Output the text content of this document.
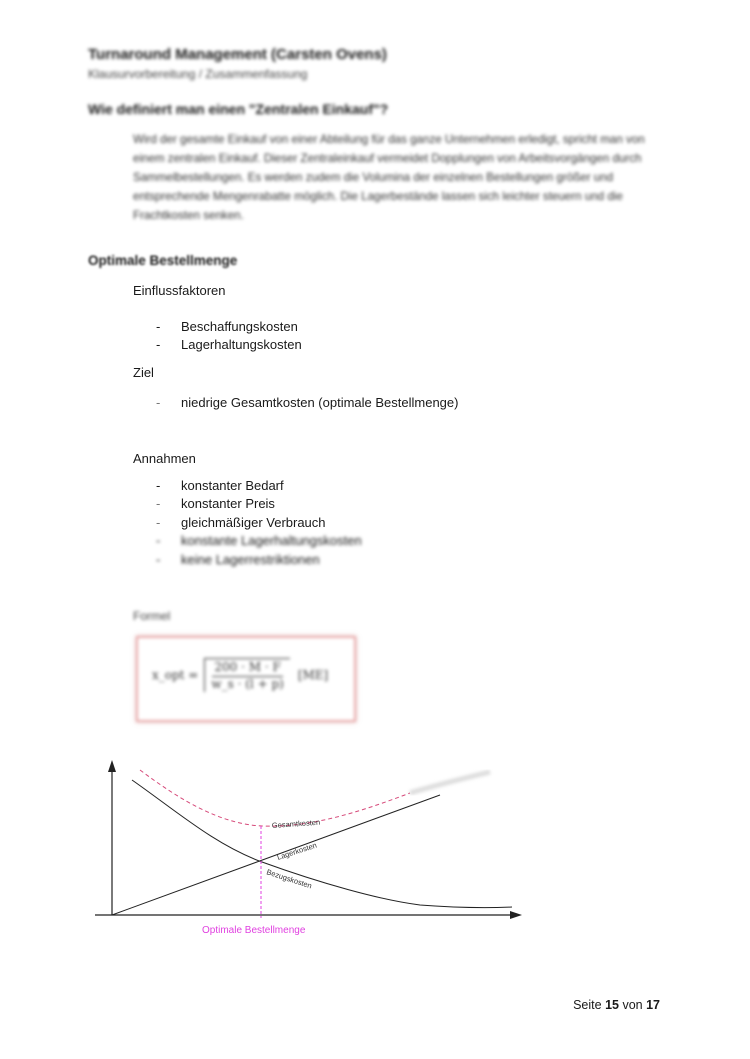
Turnaround Management (Carsten Ovens)
Klausurvorbereitung / Zusammenfassung
Wie definiert man einen "Zentralen Einkauf"?
Wird der gesamte Einkauf von einer Abteilung für das ganze Unternehmen erledigt, spricht man von einem zentralen Einkauf. Dieser Zentraleinkauf vermeidet Dopplungen von Arbeitsvorgängen durch Sammelbestellungen. Es werden zudem die Volumina der einzelnen Bestellungen größer und entsprechende Mengenrabatte möglich. Die Lagerbestände lassen sich leichter steuern und die Frachtkosten senken.
Optimale Bestellmenge
Einflussfaktoren
-	Beschaffungskosten
-	Lagerhaltungskosten
Ziel
-	niedrige Gesamtkosten (optimale Bestellmenge)
Annahmen
-	konstanter Bedarf
-	konstanter Preis
-	gleichmäßiger Verbrauch
-	konstante Lagerhaltungskosten
-	keine Lagerrestriktionen
Formel
x_opt = $\frac{200 \cdot M \cdot F}{w\_s \cdot (l + p)} [ME]$
Gesamtkosten
Lagerkosten
Bezugskosten
Optimale Bestellmenge
Seite 15 von 17
